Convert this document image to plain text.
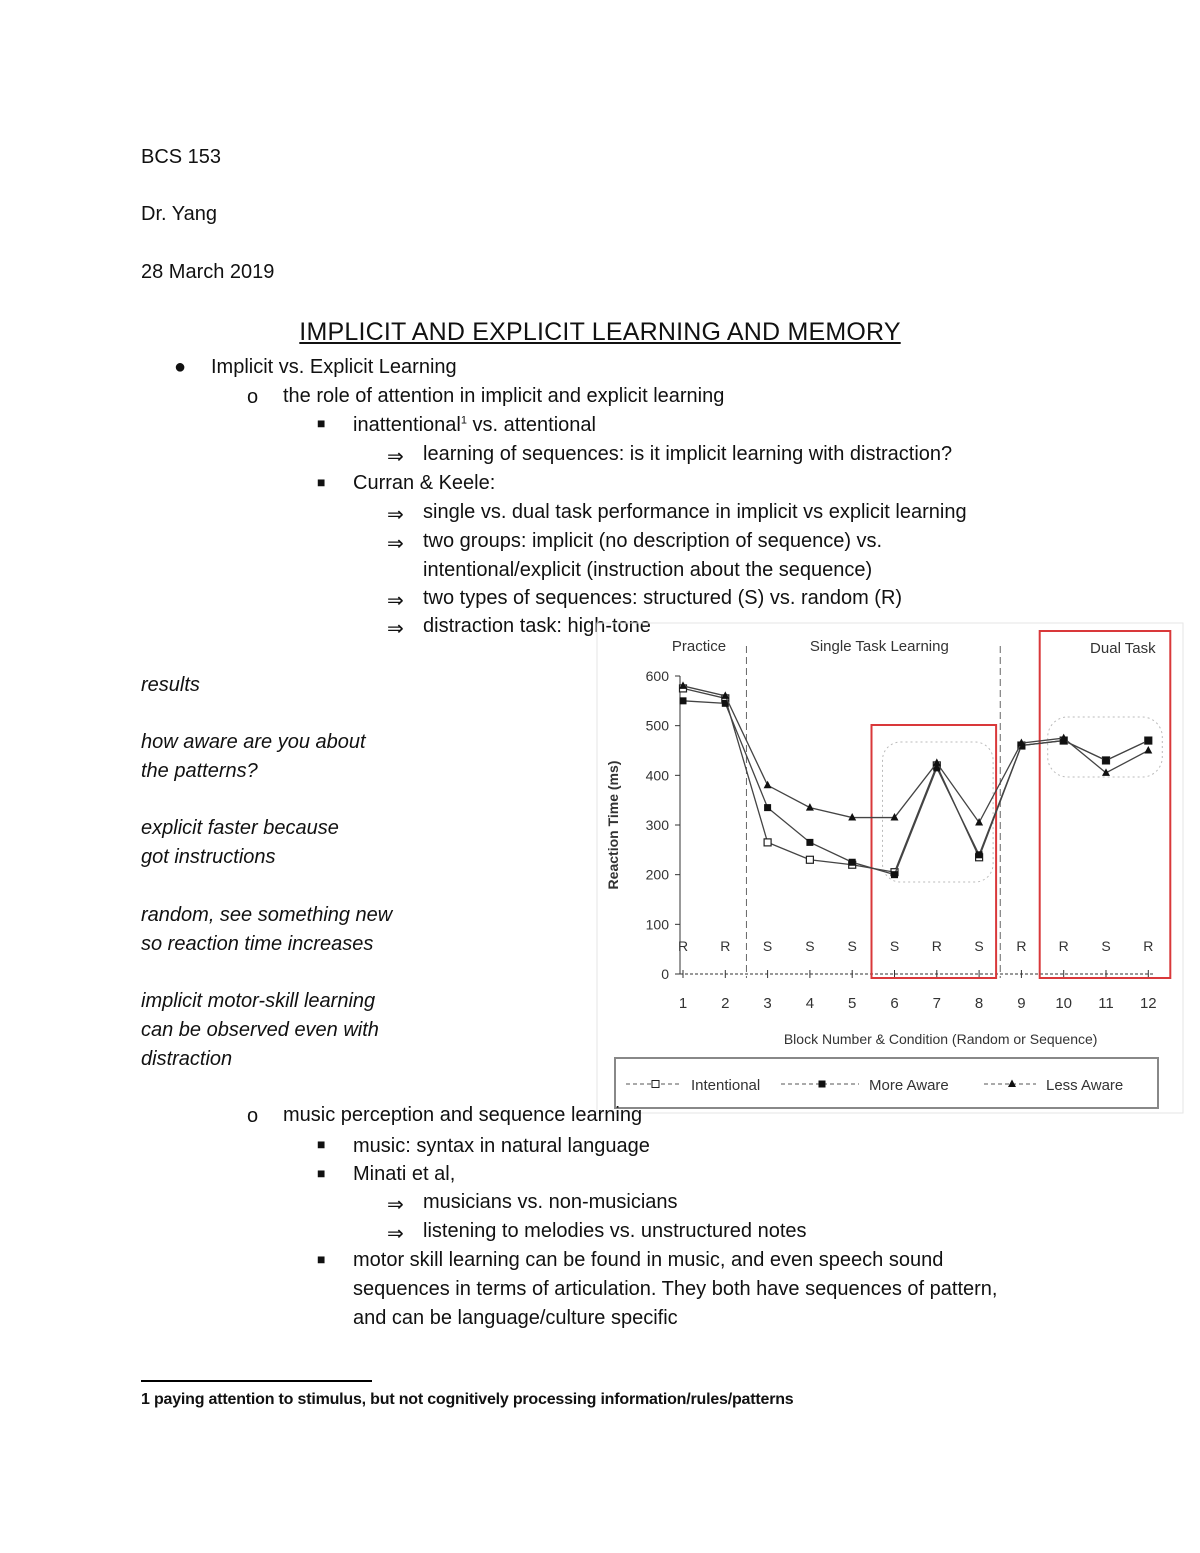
BCS 153
Dr. Yang
28 March 2019
IMPLICIT AND EXPLICIT LEARNING AND MEMORY
● Implicit vs. Explicit Learning
o the role of attention in implicit and explicit learning
■ inattentional$^1$ vs. attentional
⇒ learning of sequences: is it implicit learning with distraction?
■ Curran & Keele:
⇒ single vs. dual task performance in implicit vs explicit learning
⇒ two groups: implicit (no description of sequence) vs.
intentional/explicit (instruction about the sequence)
⇒ two types of sequences: structured (S) vs. random (R)
⇒ distraction task: high-tone
results
how aware are you about
the patterns?
explicit faster because
got instructions
random, see something new
so reaction time increases
implicit motor-skill learning
can be observed even with
distraction
0
100
200
300
400
500
600
Reaction Time (ms)
1
R
2
R
3
S
4
S
5
S
6
S
7
R
8
S
9
R
10
R
11
S
12
R
Block Number & Condition (Random or Sequence)
Practice	Single Task Learning	Dual Task
Intentional	More Aware	Less Aware
o music perception and sequence learning
■ music: syntax in natural language
■ Minati et al,
⇒ musicians vs. non-musicians
⇒ listening to melodies vs. unstructured notes
■ motor skill learning can be found in music, and even speech sound
sequences in terms of articulation. They both have sequences of pattern,
and can be language/culture specific
1 paying attention to stimulus, but not cognitively processing information/rules/patterns
